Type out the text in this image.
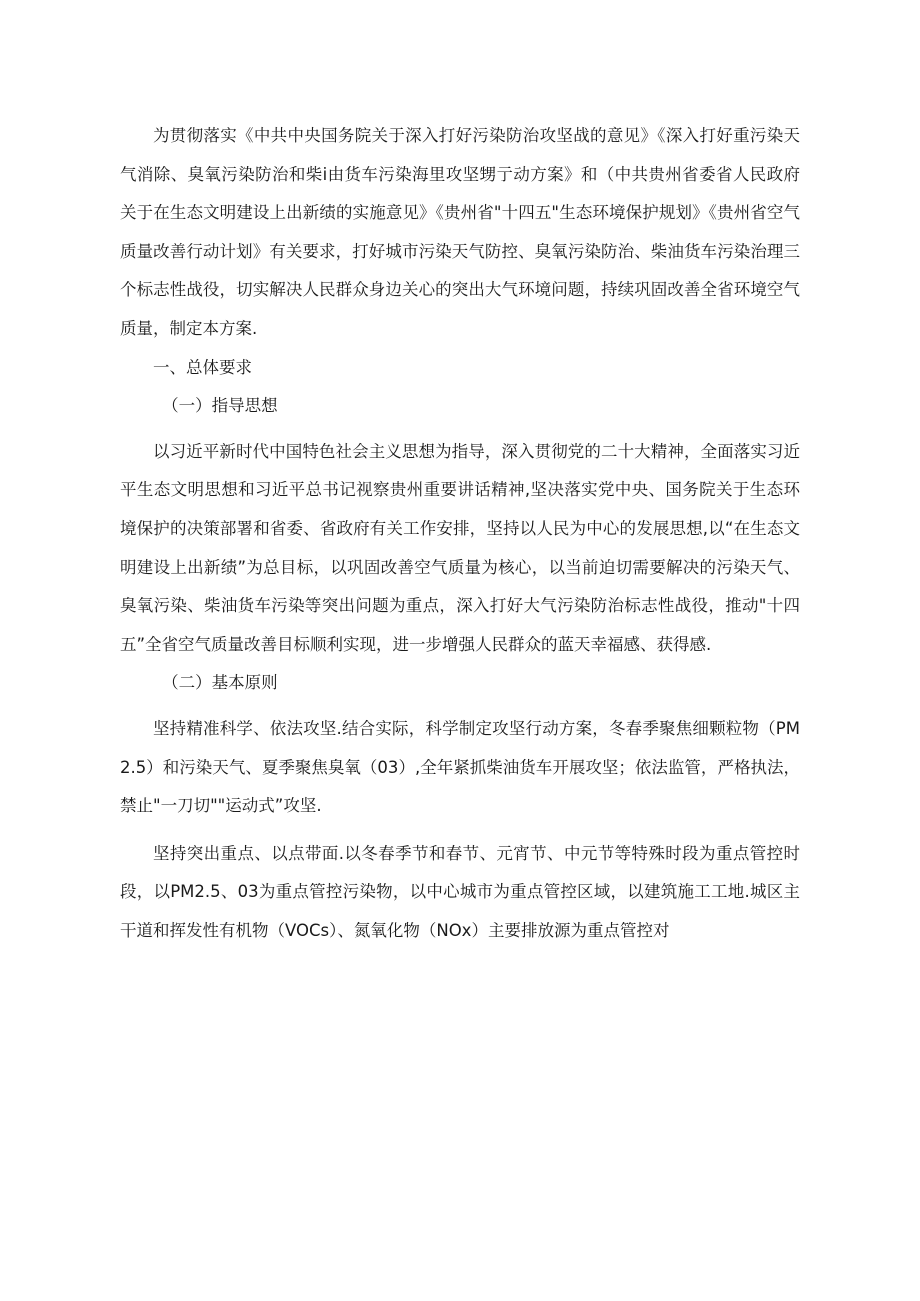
为贯彻落实《中共中央国务院关于深入打好污染防治攻坚战的意见》《深入打好重污染天气消除、臭氧污染防治和柴i由货车污染海里攻坚甥亍动方案》和（中共贵州省委省人民政府关于在生态文明建设上出新绩的实施意见》《贵州省"十四五"生态环境保护规划》《贵州省空气质量改善行动计划》有关要求，打好城市污染天气防控、臭氧污染防治、柴油货车污染治理三个标志性战役，切实解决人民群众身边关心的突出大气环境问题，持续巩固改善全省环境空气质量，制定本方案.

一、总体要求

（一）指导思想

以习近平新时代中国特色社会主义思想为指导，深入贯彻党的二十大精神，全面落实习近平生态文明思想和习近平总书记视察贵州重要讲话精神,坚决落实党中央、国务院关于生态环境保护的决策部署和省委、省政府有关工作安排，坚持以人民为中心的发展思想,以“在生态文明建设上出新绩”为总目标，以巩固改善空气质量为核心，以当前迫切需要解决的污染天气、臭氧污染、柴油货车污染等突出问题为重点，深入打好大气污染防治标志性战役，推动"十四五”全省空气质量改善目标顺利实现，进一步增强人民群众的蓝天幸福感、获得感.

（二）基本原则

坚持精准科学、依法攻坚.结合实际，科学制定攻坚行动方案，冬春季聚焦细颗粒物（PM2.5）和污染天气、夏季聚焦臭氧（03）,全年紧抓柴油货车开展攻坚；依法监管，严格执法，禁止"一刀切""运动式”攻坚.

坚持突出重点、以点带面.以冬春季节和春节、元宵节、中元节等特殊时段为重点管控时段，以PM2.5、03为重点管控污染物，以中心城市为重点管控区域，以建筑施工工地.城区主干道和挥发性有机物（VOCs）、氮氧化物（NOx）主要排放源为重点管控对
